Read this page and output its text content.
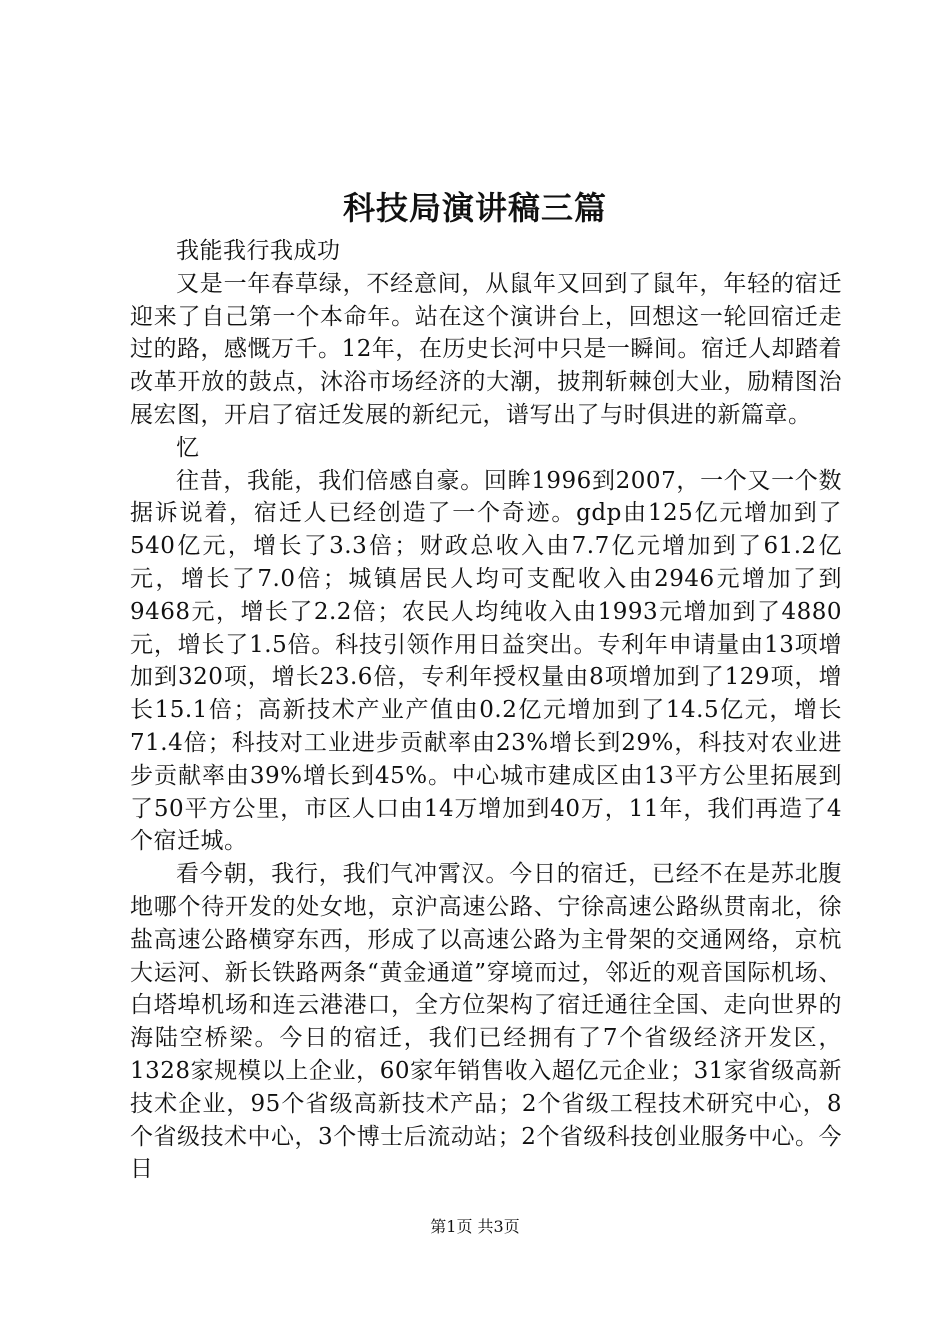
科技局演讲稿三篇

我能我行我成功

又是一年春草绿，不经意间，从鼠年又回到了鼠年，年轻的宿迁迎来了自己第一个本命年。站在这个演讲台上，回想这一轮回宿迁走过的路，感慨万千。12年，在历史长河中只是一瞬间。宿迁人却踏着改革开放的鼓点，沐浴市场经济的大潮，披荆斩棘创大业，励精图治展宏图，开启了宿迁发展的新纪元，谱写出了与时俱进的新篇章。

忆

往昔，我能，我们倍感自豪。回眸1996到2007，一个又一个数据诉说着，宿迁人已经创造了一个奇迹。gdp由125亿元增加到了540亿元，增长了3.3倍；财政总收入由7.7亿元增加到了61.2亿元，增长了7.0倍；城镇居民人均可支配收入由2946元增加了到9468元，增长了2.2倍；农民人均纯收入由1993元增加到了4880元，增长了1.5倍。科技引领作用日益突出。专利年申请量由13项增加到320项，增长23.6倍，专利年授权量由8项增加到了129项，增长15.1倍；高新技术产业产值由0.2亿元增加到了14.5亿元，增长71.4倍；科技对工业进步贡献率由23%增长到29%，科技对农业进步贡献率由39%增长到45%。中心城市建成区由13平方公里拓展到了50平方公里，市区人口由14万增加到40万，11年，我们再造了4个宿迁城。

看今朝，我行，我们气冲霄汉。今日的宿迁，已经不在是苏北腹地哪个待开发的处女地，京沪高速公路、宁徐高速公路纵贯南北，徐盐高速公路横穿东西，形成了以高速公路为主骨架的交通网络，京杭大运河、新长铁路两条“黄金通道”穿境而过，邻近的观音国际机场、白塔埠机场和连云港港口，全方位架构了宿迁通往全国、走向世界的海陆空桥梁。今日的宿迁，我们已经拥有了7个省级经济开发区，1328家规模以上企业，60家年销售收入超亿元企业；31家省级高新技术企业，95个省级高新技术产品；2个省级工程技术研究中心，8个省级技术中心，3个博士后流动站；2个省级科技创业服务中心。今日

第1页 共3页
